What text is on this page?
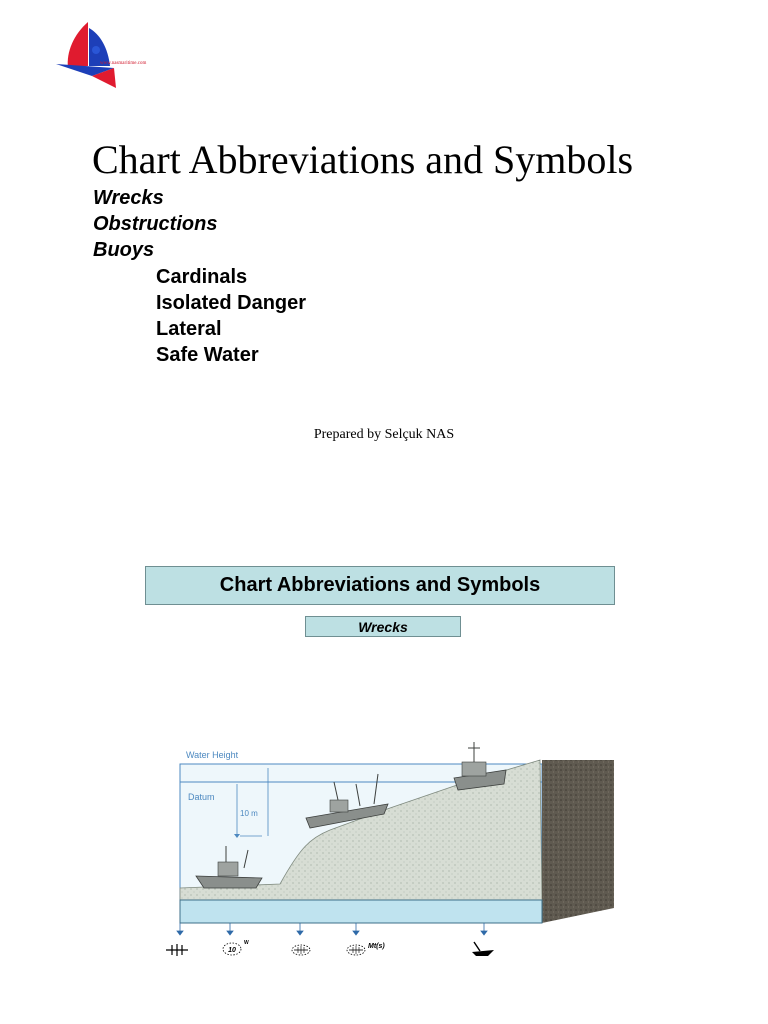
www.nasmaritime.com
Chart Abbreviations and Symbols

Wrecks

Obstructions

Buoys

Cardinals

Isolated Danger

Lateral

Safe Water

Prepared by Selçuk NAS
Chart Abbreviations and Symbols
Wrecks
10 m
Water Height
Datum
10
W	Mt(s)
